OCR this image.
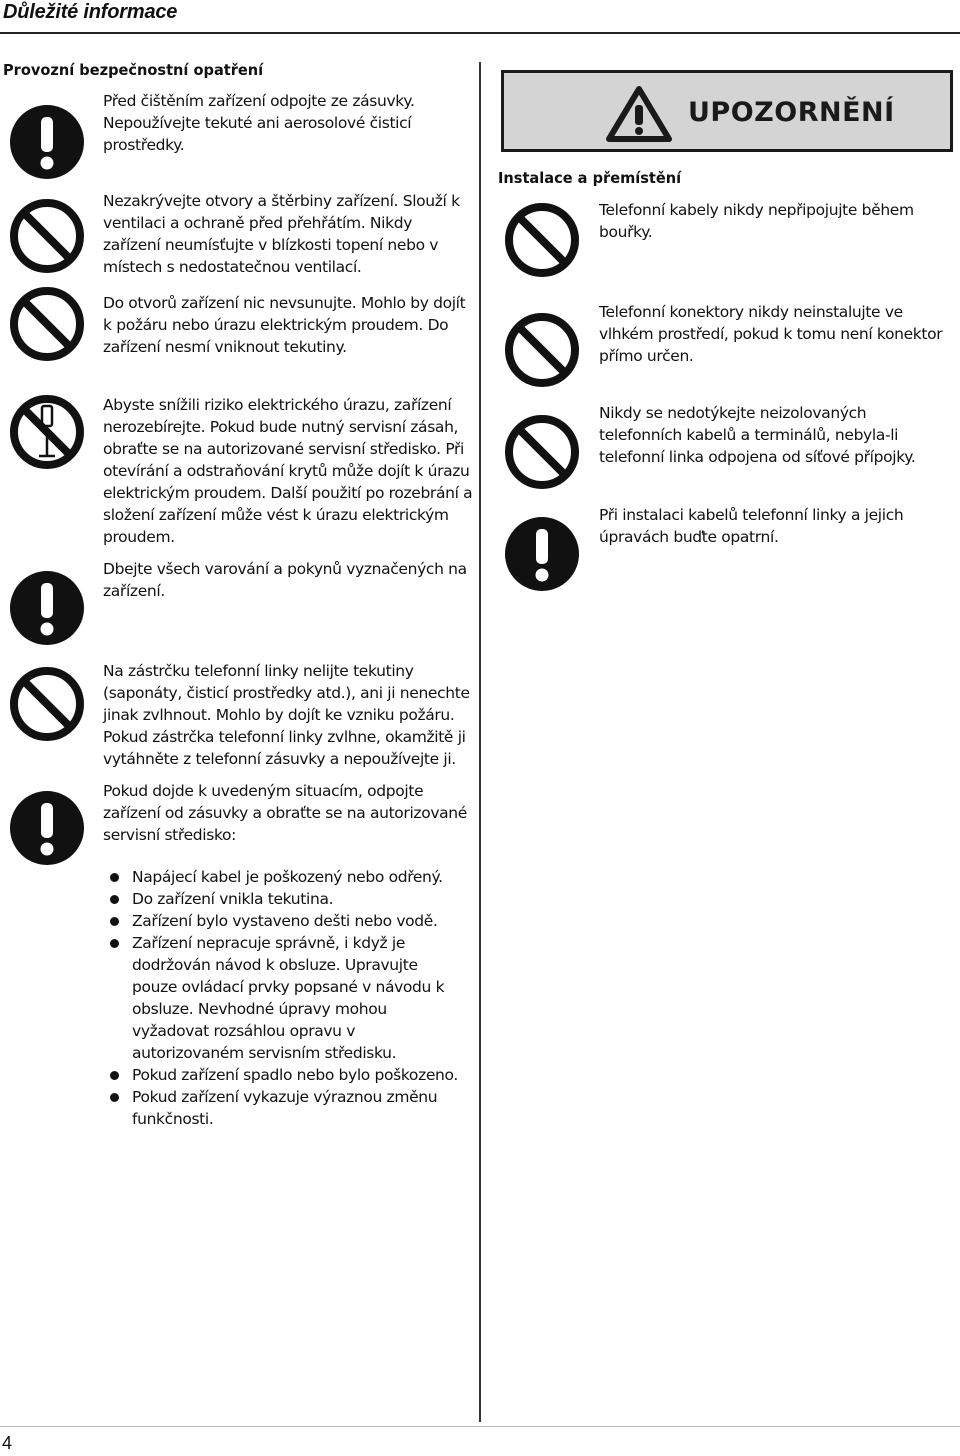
Důležité informace
Provozní bezpečnostní opatření
Před čištěním zařízení odpojte ze zásuvky. Nepoužívejte tekuté ani aerosolové čisticí prostředky.
Nezakrývejte otvory a štěrbiny zařízení. Slouží k ventilaci a ochraně před přehřátím. Nikdy zařízení neumísťujte v blízkosti topení nebo v místech s nedostatečnou ventilací.
Do otvorů zařízení nic nevsunujte. Mohlo by dojít k požáru nebo úrazu elektrickým proudem. Do zařízení nesmí vniknout tekutiny.
Abyste snížili riziko elektrického úrazu, zařízení nerozebírejte. Pokud bude nutný servisní zásah, obraťte se na autorizované servisní středisko. Při otevírání a odstraňování krytů může dojít k úrazu elektrickým proudem. Další použití po rozebrání a složení zařízení může vést k úrazu elektrickým proudem.
Dbejte všech varování a pokynů vyznačených na zařízení.
Na zástrčku telefonní linky nelijte tekutiny (saponáty, čisticí prostředky atd.), ani ji nenechte jinak zvlhnout. Mohlo by dojít ke vzniku požáru. Pokud zástrčka telefonní linky zvlhne, okamžitě ji vytáhněte z telefonní zásuvky a nepoužívejte ji.
Pokud dojde k uvedeným situacím, odpojte zařízení od zásuvky a obraťte se na autorizované servisní středisko:
Napájecí kabel je poškozený nebo odřený.
Do zařízení vnikla tekutina.
Zařízení bylo vystaveno dešti nebo vodě.
Zařízení nepracuje správně, i když je dodržován návod k obsluze. Upravujte pouze ovládací prvky popsané v návodu k obsluze. Nevhodné úpravy mohou vyžadovat rozsáhlou opravu v autorizovaném servisním středisku.
Pokud zařízení spadlo nebo bylo poškozeno.
Pokud zařízení vykazuje výraznou změnu funkčnosti.
UPOZORNĚNÍ
Instalace a přemístění
Telefonní kabely nikdy nepřipojujte během bouřky.
Telefonní konektory nikdy neinstalujte ve vlhkém prostředí, pokud k tomu není konektor přímo určen.
Nikdy se nedotýkejte neizolovaných telefonních kabelů a terminálů, nebyla-li telefonní linka odpojena od síťové přípojky.
Při instalaci kabelů telefonní linky a jejich úpravách buďte opatrní.
4
